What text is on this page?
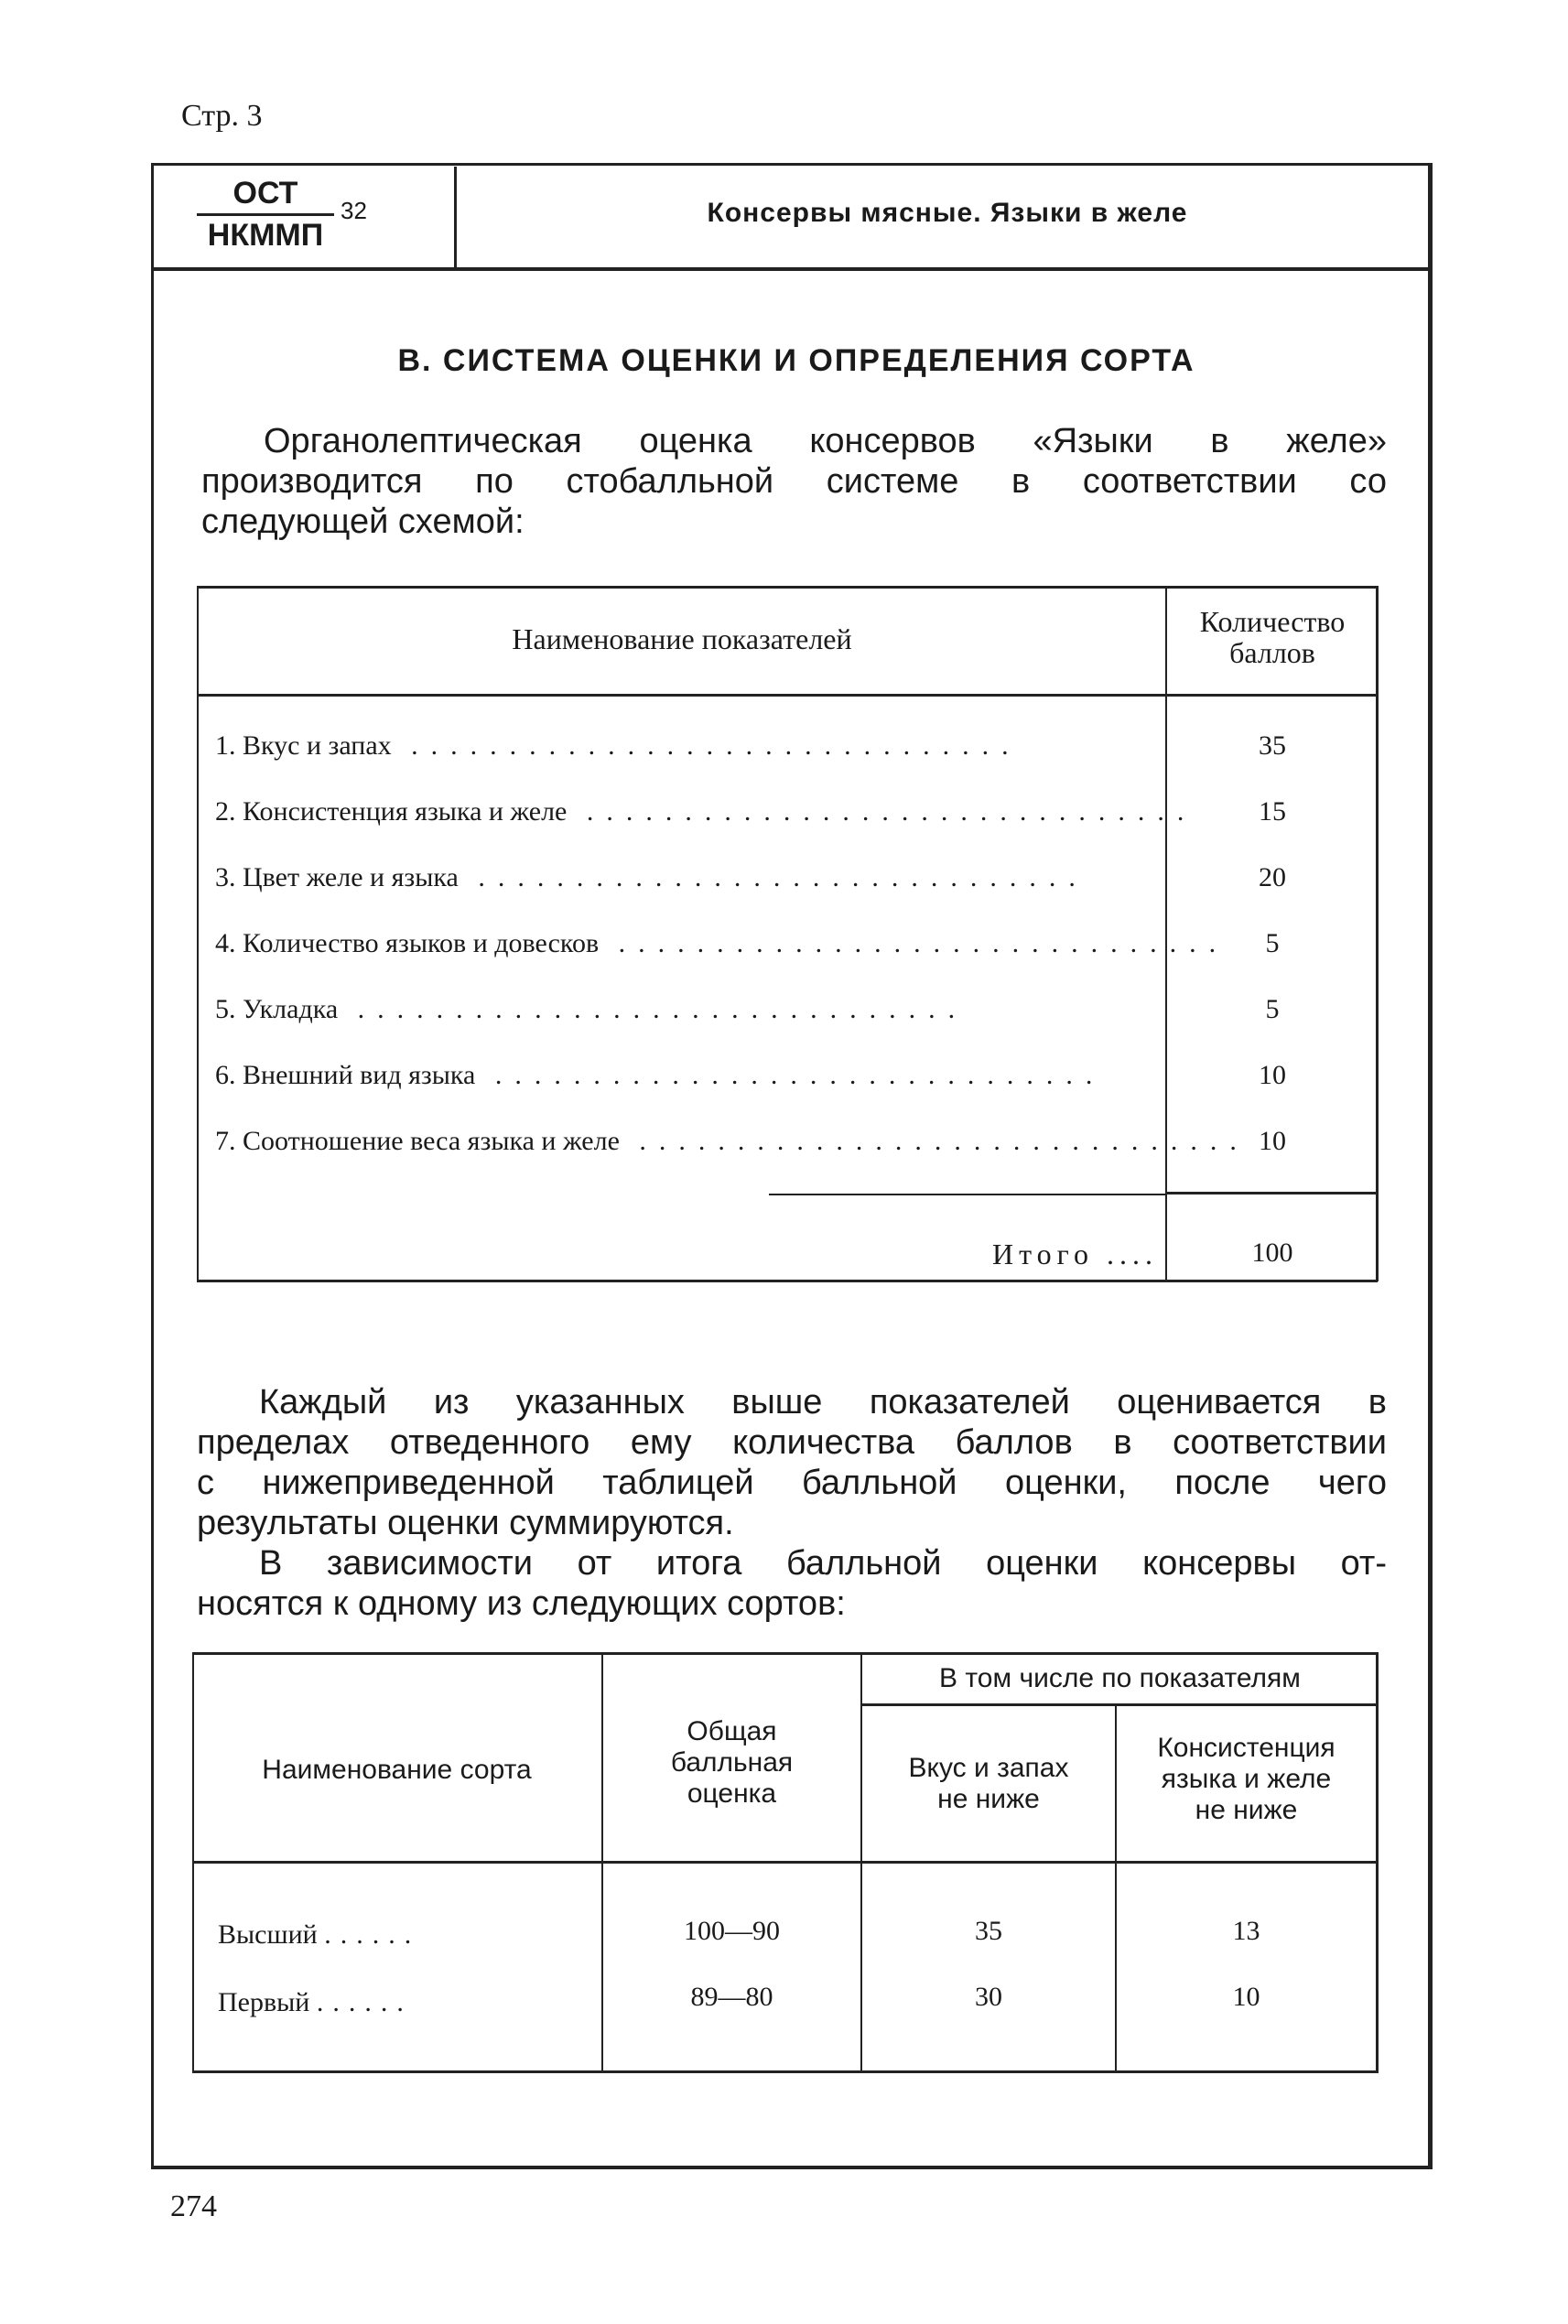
Стр. 3
ОСТ
НКММП
32	Консервы мясные. Языки в желе
В. СИСТЕМА ОЦЕНКИ И ОПРЕДЕЛЕНИЯ СОРТА
Органолептическая оценка консервов «Языки в желе»
производится по стобалльной системе в соответствии со
следующей схемой:
Наименование показателей
Количество
баллов
1. Вкус и запах ...............................	35
2. Консистенция языка и желе ...............................	15
3. Цвет желе и языка ...............................	20
4. Количество языков и довесков ...............................	5
5. Укладка ...............................	5
6. Внешний вид языка ...............................	10
7. Соотношение веса языка и желе ............................... 10
Итого ....	100
Каждый из указанных выше показателей оценивается в
пределах отведенного ему количества баллов в соответствии
с нижеприведенной таблицей балльной оценки, после чего
результаты оценки суммируются.
В зависимости от итога балльной оценки консервы от-
носятся к одному из следующих сортов:
Наименование сорта
Общая
балльная
оценка
В том числе по показателям
Вкус и запах
не ниже
Консистенция
языка и желе
не ниже
Высший ......	100—90	35	13
Первый ......	89—80	30	10
274
